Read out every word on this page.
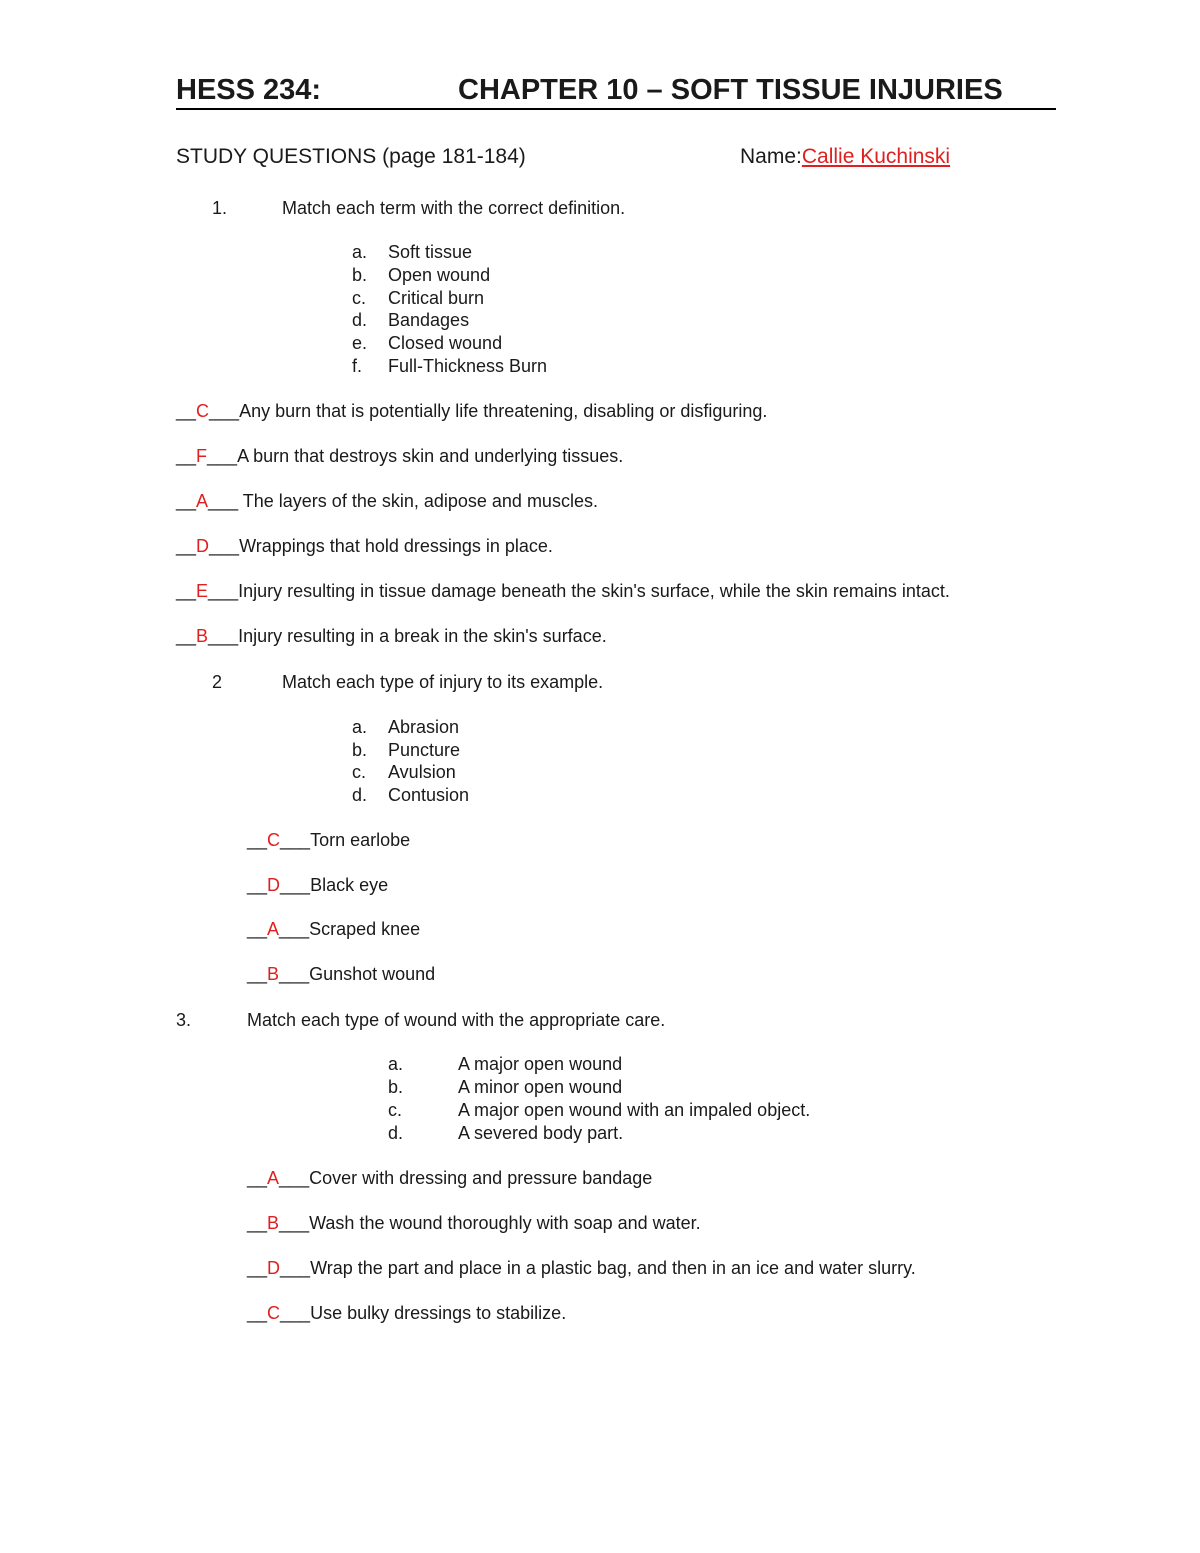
HESS 234:	CHAPTER 10 – SOFT TISSUE INJURIES
STUDY QUESTIONS (page 181-184)	Name:Callie Kuchinski
1.	Match each term with the correct definition.
a. Soft tissue
b. Open wound
c. Critical burn
d. Bandages
e. Closed wound
f. Full-Thickness Burn
__C___Any burn that is potentially life threatening, disabling or disfiguring.
__F___A burn that destroys skin and underlying tissues.
__A___ The layers of the skin, adipose and muscles.
__D___Wrappings that hold dressings in place.
__E___Injury resulting in tissue damage beneath the skin's surface, while the skin remains intact.
__B___Injury resulting in a break in the skin's surface.
2	Match each type of injury to its example.
a. Abrasion
b. Puncture
c. Avulsion
d. Contusion
__C___Torn earlobe
__D___Black eye
__A___Scraped knee
__B___Gunshot wound
3.	Match each type of wound with the appropriate care.
a.	A major open wound
b.	A minor open wound
c.	A major open wound with an impaled object.
d.	A severed body part.
__A___Cover with dressing and pressure bandage
__B___Wash the wound thoroughly with soap and water.
__D___Wrap the part and place in a plastic bag, and then in an ice and water slurry.
__C___Use bulky dressings to stabilize.
